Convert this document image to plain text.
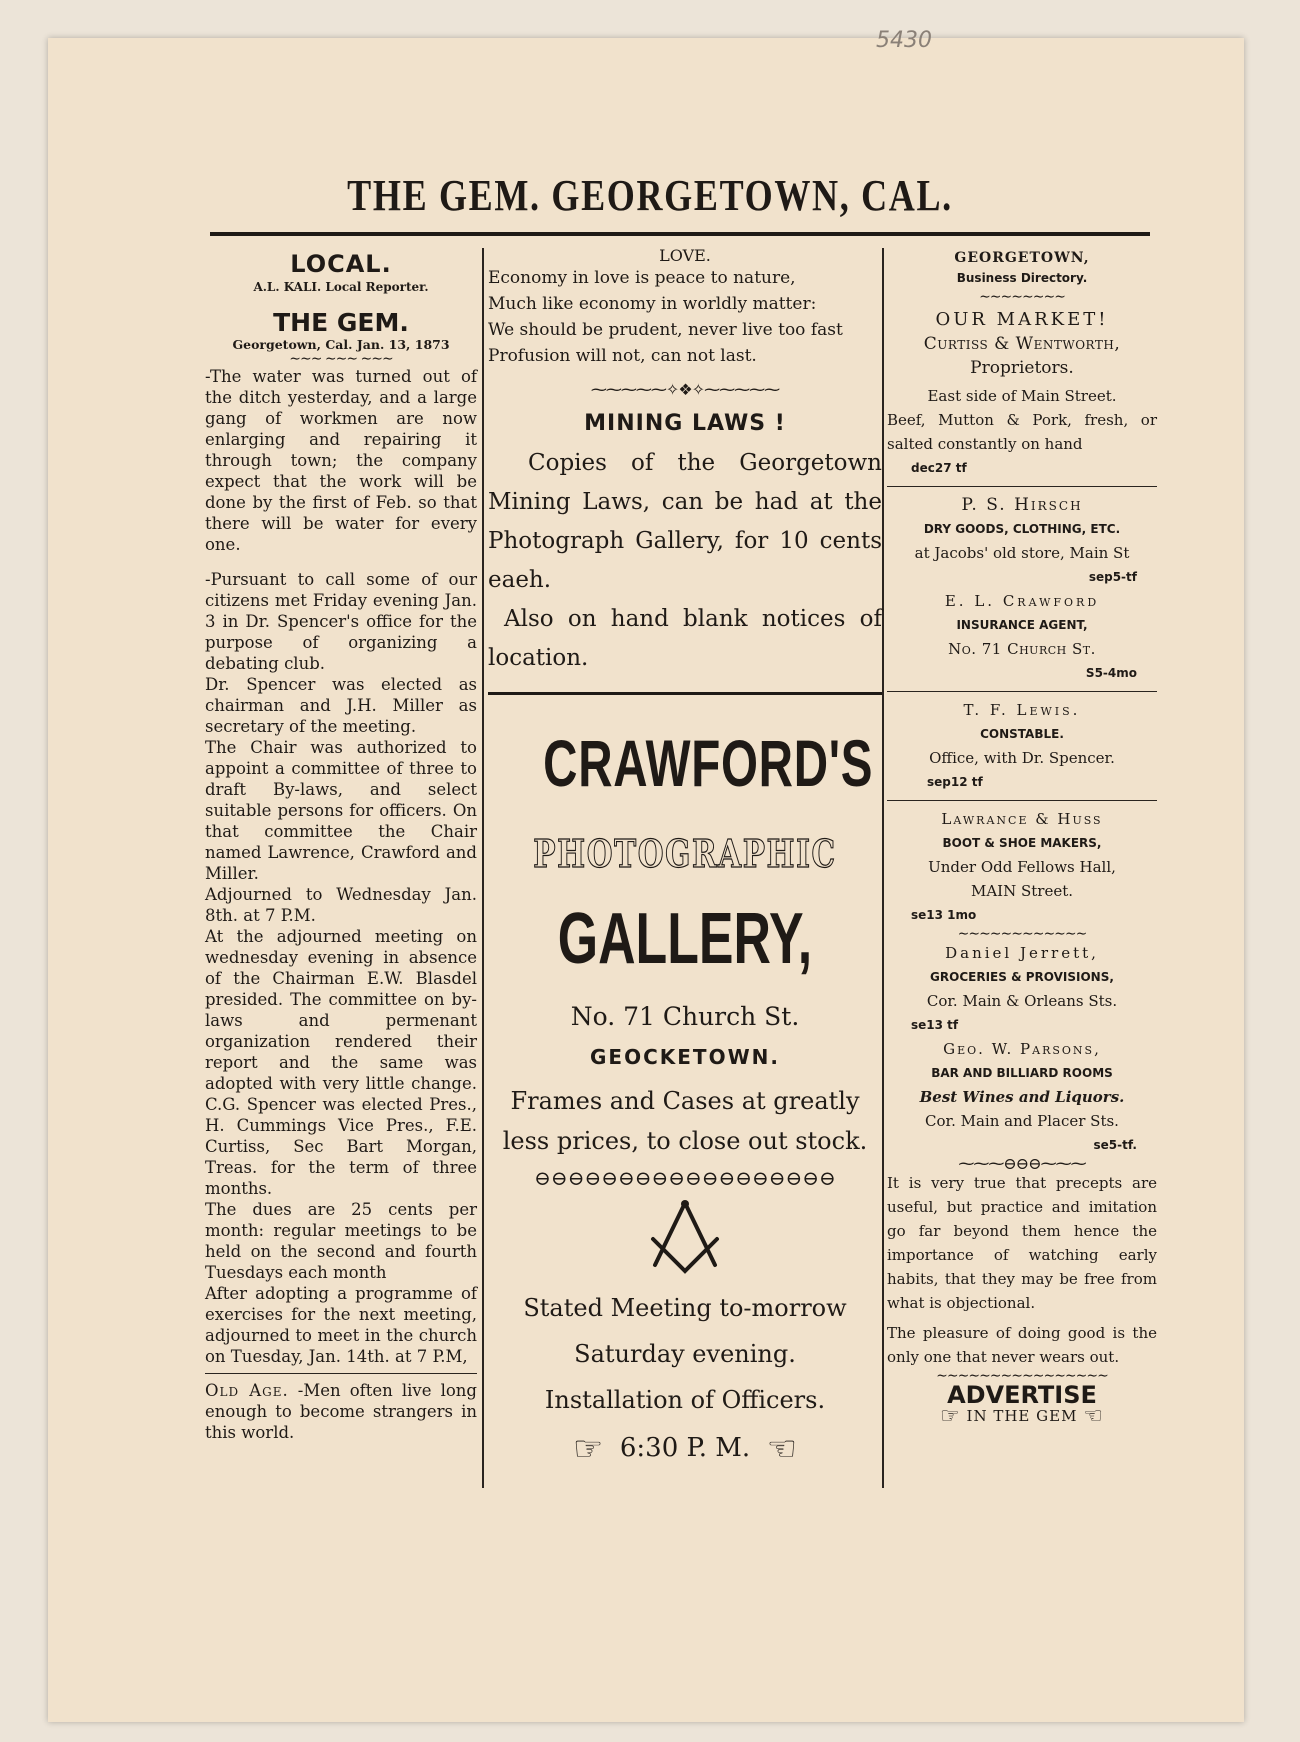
5430
THE GEM. GEORGETOWN, CAL.
LOCAL.
A.L. KALI. Local Reporter.
THE GEM.
Georgetown, Cal. Jan. 13, 1873
∼∼∼ ∼∼∼ ∼∼∼

-The water was turned out of the ditch yesterday, and a large gang of workmen are now enlarging and repairing it through town; the company expect that the work will be done by the first of Feb. so that there will be water for every one.

-Pursuant to call some of our citizens met Friday evening Jan. 3 in Dr. Spencer's office for the purpose of organizing a debating club.

Dr. Spencer was elected as chairman and J.H. Miller as secretary of the meeting.

The Chair was authorized to appoint a committee of three to draft By-laws, and select suitable persons for officers. On that committee the Chair named Lawrence, Crawford and Miller.

Adjourned to Wednesday Jan. 8th. at 7 P.M.

At the adjourned meeting on wednesday evening in absence of the Chairman E.W. Blasdel presided. The committee on by-laws and permenant organization rendered their report and the same was adopted with very little change. C.G. Spencer was elected Pres., H. Cummings Vice Pres., F.E. Curtiss, Sec Bart Morgan, Treas. for the term of three months.

The dues are 25 cents per month: regular meetings to be held on the second and fourth Tuesdays each month

After adopting a programme of exercises for the next meeting, adjourned to meet in the church on Tuesday, Jan. 14th. at 7 P.M,

Old Age. -Men often live long enough to become strangers in this world.

LOVE.

Economy in love is peace to nature,

Much like economy in worldly matter:

We should be prudent, never live too fast

Profusion will not, can not last.

⁓⁓⁓⁓⁓✧❖✧⁓⁓⁓⁓⁓
MINING LAWS !

Copies of the Georgetown Mining Laws, can be had at the Photograph Gallery, for 10 cents eaeh.

Also on hand blank notices of location.

CRAWFORD'S
PHOTOGRAPHIC
GALLERY,
No. 71 Church St.
GEOCKETOWN.

Frames and Cases at greatly less prices, to close out stock.

⊖⊖⊖⊖⊖⊖⊖⊖⊖⊖⊖⊖⊖⊖⊖⊖⊖⊖

Stated Meeting to-morrow

Saturday evening.

Installation of Officers.

☞ 6:30 P. M. ☜

GEORGETOWN,

Business Directory.

∼∼∼∼∼∼∼∼

OUR MARKET!

Curtiss & Wentworth,

Proprietors.

East side of Main Street.

Beef, Mutton & Pork, fresh, or salted constantly on hand

dec27 tf

P. S. Hirsch

DRY GOODS, CLOTHING, ETC.

at Jacobs' old store, Main St

sep5-tf

E. L. Crawford

INSURANCE AGENT,

No. 71 Church St.

S5-4mo

T. F. Lewis.

CONSTABLE.

Office, with Dr. Spencer.

sep12 tf

Lawrance & Huss

BOOT & SHOE MAKERS,

Under Odd Fellows Hall,

MAIN Street.

se13 1mo

∼∼∼∼∼∼∼∼∼∼∼∼

Daniel Jerrett,

GROCERIES & PROVISIONS,

Cor. Main & Orleans Sts.

se13 tf

Geo. W. Parsons,

BAR AND BILLIARD ROOMS

Best Wines and Liquors.

Cor. Main and Placer Sts.

se5-tf.

⁓⁓⁓⊖⊖⊖⁓⁓⁓

It is very true that precepts are useful, but practice and imitation go far beyond them hence the importance of watching early habits, that they may be free from what is objectional.

The pleasure of doing good is the only one that never wears out.

∼∼∼∼∼∼∼∼∼∼∼∼∼∼∼∼

ADVERTISE

☞ IN THE GEM ☜
